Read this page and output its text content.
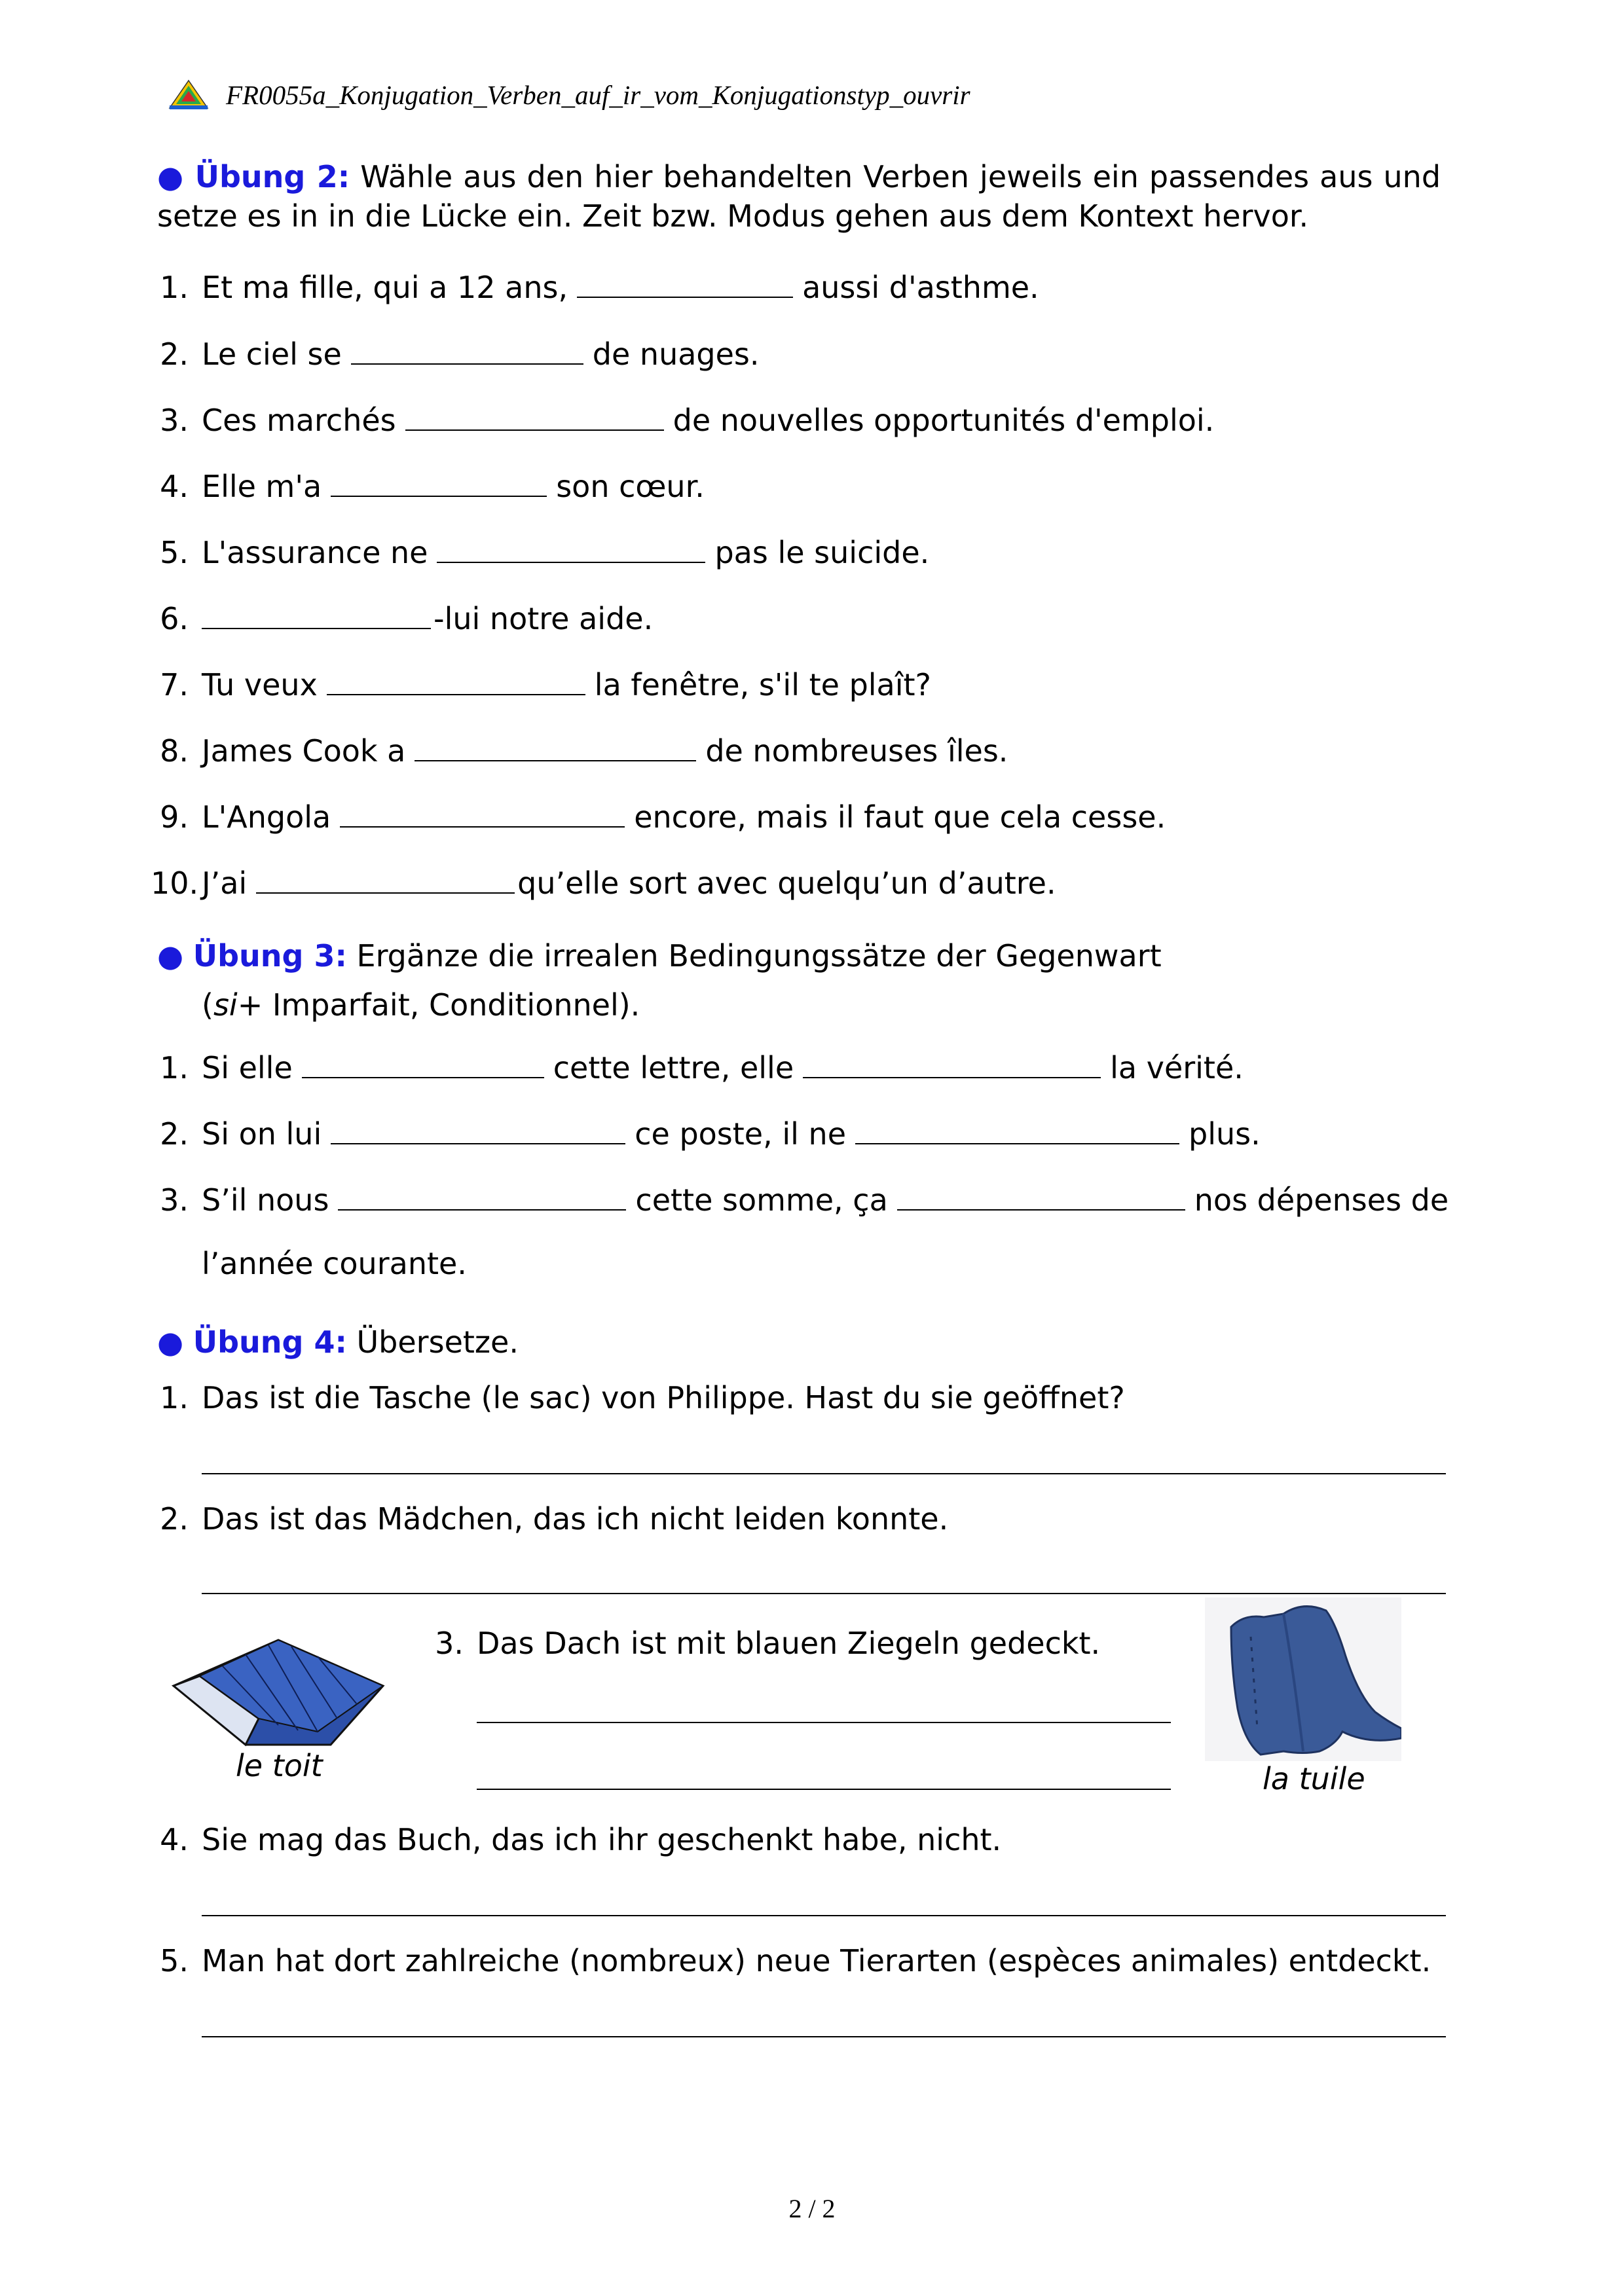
FR0055a_Konjugation_Verben_auf_ir_vom_Konjugationstyp_ouvrir
● Übung 2: Wähle aus den hier behandelten Verben jeweils ein passendes aus und setze es in in die Lücke ein. Zeit bzw. Modus gehen aus dem Kontext hervor.
1. Et ma fille, qui a 12 ans,	aussi d'asthme.
2. Le ciel se	de nuages.
3. Ces marchés	de nouvelles opportunités d'emploi.
4. Elle m'a	son cœur.
5. L'assurance ne	pas le suicide.
6.	-lui notre aide.
7. Tu veux	la fenêtre, s'il te plaît?
8. James Cook a	de nombreuses îles.
9. L'Angola	encore, mais il faut que cela cesse.
10. J’ai	qu’elle sort avec quelqu’un d’autre.
● Übung 3: Ergänze die irrealen Bedingungssätze der Gegenwart
(si+ Imparfait, Conditionnel).
1. Si elle	cette lettre, elle	la vérité.
2. Si on lui	ce poste, il ne	plus.
3. S’il nous	cette somme, ça	nos dépenses de
l’année courante.
● Übung 4: Übersetze.
1. Das ist die Tasche (le sac) von Philippe. Hast du sie geöffnet?
2. Das ist das Mädchen, das ich nicht leiden konnte.
le toit
3. Das Dach ist mit blauen Ziegeln gedeckt.
la tuile
4. Sie mag das Buch, das ich ihr geschenkt habe, nicht.
5. Man hat dort zahlreiche (nombreux) neue Tierarten (espèces animales) entdeckt.
2 / 2
